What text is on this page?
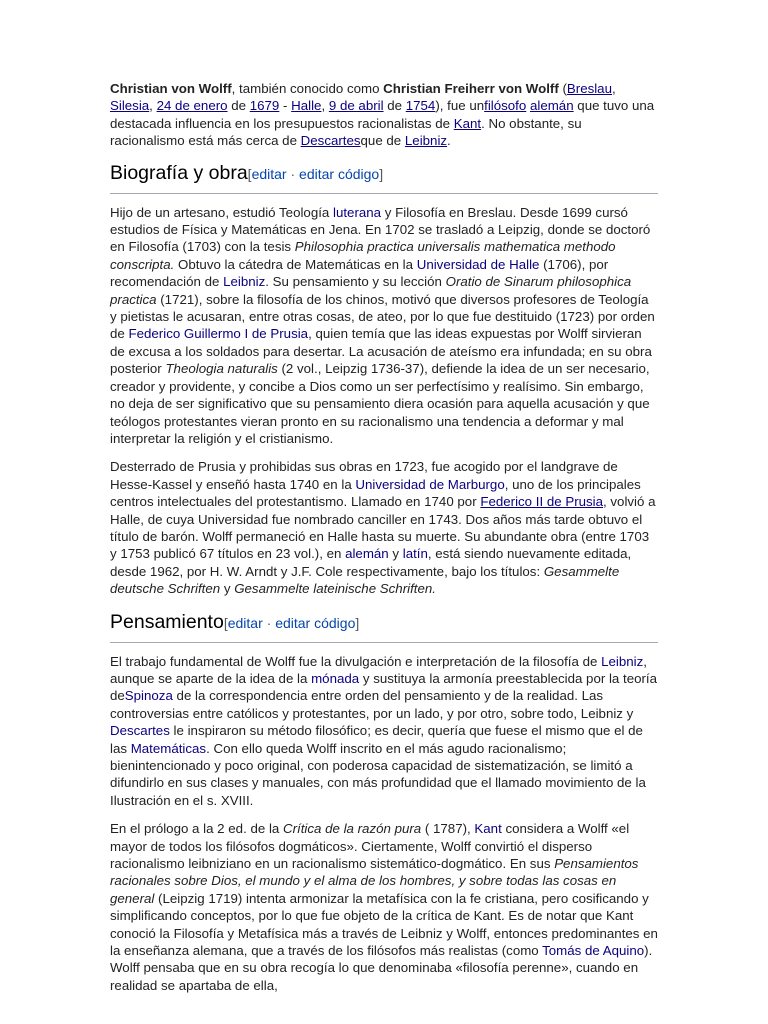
Christian von Wolff, también conocido como Christian Freiherr von Wolff (Breslau, Silesia, 24 de enero de 1679 - Halle, 9 de abril de 1754), fue unfilósofo alemán que tuvo una destacada influencia en los presupuestos racionalistas de Kant. No obstante, su racionalismo está más cerca de Descartesque de Leibniz.

Biografía y obra[editar · editar código]

Hijo de un artesano, estudió Teología luterana y Filosofía en Breslau. Desde 1699 cursó estudios de Física y Matemáticas en Jena. En 1702 se trasladó a Leipzig, donde se doctoró en Filosofía (1703) con la tesis Philosophia practica universalis mathematica methodo conscripta. Obtuvo la cátedra de Matemáticas en la Universidad de Halle (1706), por recomendación de Leibniz. Su pensamiento y su lección Oratio de Sinarum philosophica practica (1721), sobre la filosofía de los chinos, motivó que diversos profesores de Teología y pietistas le acusaran, entre otras cosas, de ateo, por lo que fue destituido (1723) por orden de Federico Guillermo I de Prusia, quien temía que las ideas expuestas por Wolff sirvieran de excusa a los soldados para desertar. La acusación de ateísmo era infundada; en su obra posterior Theologia naturalis (2 vol., Leipzig 1736-37), defiende la idea de un ser necesario, creador y providente, y concibe a Dios como un ser perfectísimo y realísimo. Sin embargo, no deja de ser significativo que su pensamiento diera ocasión para aquella acusación y que teólogos protestantes vieran pronto en su racionalismo una tendencia a deformar y mal interpretar la religión y el cristianismo.

Desterrado de Prusia y prohibidas sus obras en 1723, fue acogido por el landgrave de Hesse-Kassel y enseñó hasta 1740 en la Universidad de Marburgo, uno de los principales centros intelectuales del protestantismo. Llamado en 1740 por Federico II de Prusia, volvió a Halle, de cuya Universidad fue nombrado canciller en 1743. Dos años más tarde obtuvo el título de barón. Wolff permaneció en Halle hasta su muerte. Su abundante obra (entre 1703 y 1753 publicó 67 títulos en 23 vol.), en alemán y latín, está siendo nuevamente editada, desde 1962, por H. W. Arndt y J.F. Cole respectivamente, bajo los títulos: Gesammelte deutsche Schriften y Gesammelte lateinische Schriften.

Pensamiento[editar · editar código]

El trabajo fundamental de Wolff fue la divulgación e interpretación de la filosofía de Leibniz, aunque se aparte de la idea de la mónada y sustituya la armonía preestablecida por la teoría deSpinoza de la correspondencia entre orden del pensamiento y de la realidad. Las controversias entre católicos y protestantes, por un lado, y por otro, sobre todo, Leibniz y Descartes le inspiraron su método filosófico; es decir, quería que fuese el mismo que el de las Matemáticas. Con ello queda Wolff inscrito en el más agudo racionalismo; bienintencionado y poco original, con poderosa capacidad de sistematización, se limitó a difundirlo en sus clases y manuales, con más profundidad que el llamado movimiento de la Ilustración en el s. XVIII.

En el prólogo a la 2 ed. de la Crítica de la razón pura ( 1787), Kant considera a Wolff «el mayor de todos los filósofos dogmáticos». Ciertamente, Wolff convirtió el disperso racionalismo leibniziano en un racionalismo sistemático-dogmático. En sus Pensamientos racionales sobre Dios, el mundo y el alma de los hombres, y sobre todas las cosas en general (Leipzig 1719) intenta armonizar la metafísica con la fe cristiana, pero cosificando y simplificando conceptos, por lo que fue objeto de la crítica de Kant. Es de notar que Kant conoció la Filosofía y Metafísica más a través de Leibniz y Wolff, entonces predominantes en la enseñanza alemana, que a través de los filósofos más realistas (como Tomás de Aquino). Wolff pensaba que en su obra recogía lo que denominaba «filosofía perenne», cuando en realidad se apartaba de ella,
